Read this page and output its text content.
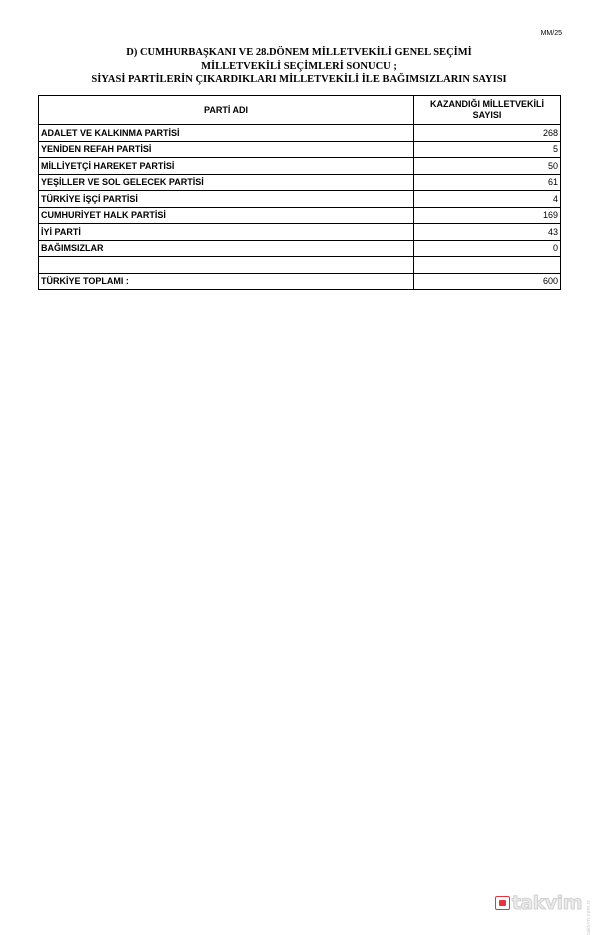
MM/25
D) CUMHURBAŞKANI VE 28.DÖNEM MİLLETVEKİLİ GENEL SEÇİMİ
MİLLETVEKİLİ SEÇİMLERİ SONUCU ;
SİYASİ PARTİLERİN ÇIKARDIKLARI MİLLETVEKİLİ İLE BAĞIMSIZLARIN SAYISI
PARTİ ADI	KAZANDIĞI MİLLETVEKİLİ
SAYISI
ADALET VE KALKINMA PARTİSİ	268
YENİDEN REFAH PARTİSİ	5
MİLLİYETÇİ HAREKET PARTİSİ	50
YEŞİLLER VE SOL GELECEK PARTİSİ	61
TÜRKİYE İŞÇİ PARTİSİ	4
CUMHURİYET HALK PARTİSİ	169
İYİ PARTİ	43
BAĞIMSIZLAR	0

TÜRKİYE TOPLAMI :	600
takvim takvim.com.tr
